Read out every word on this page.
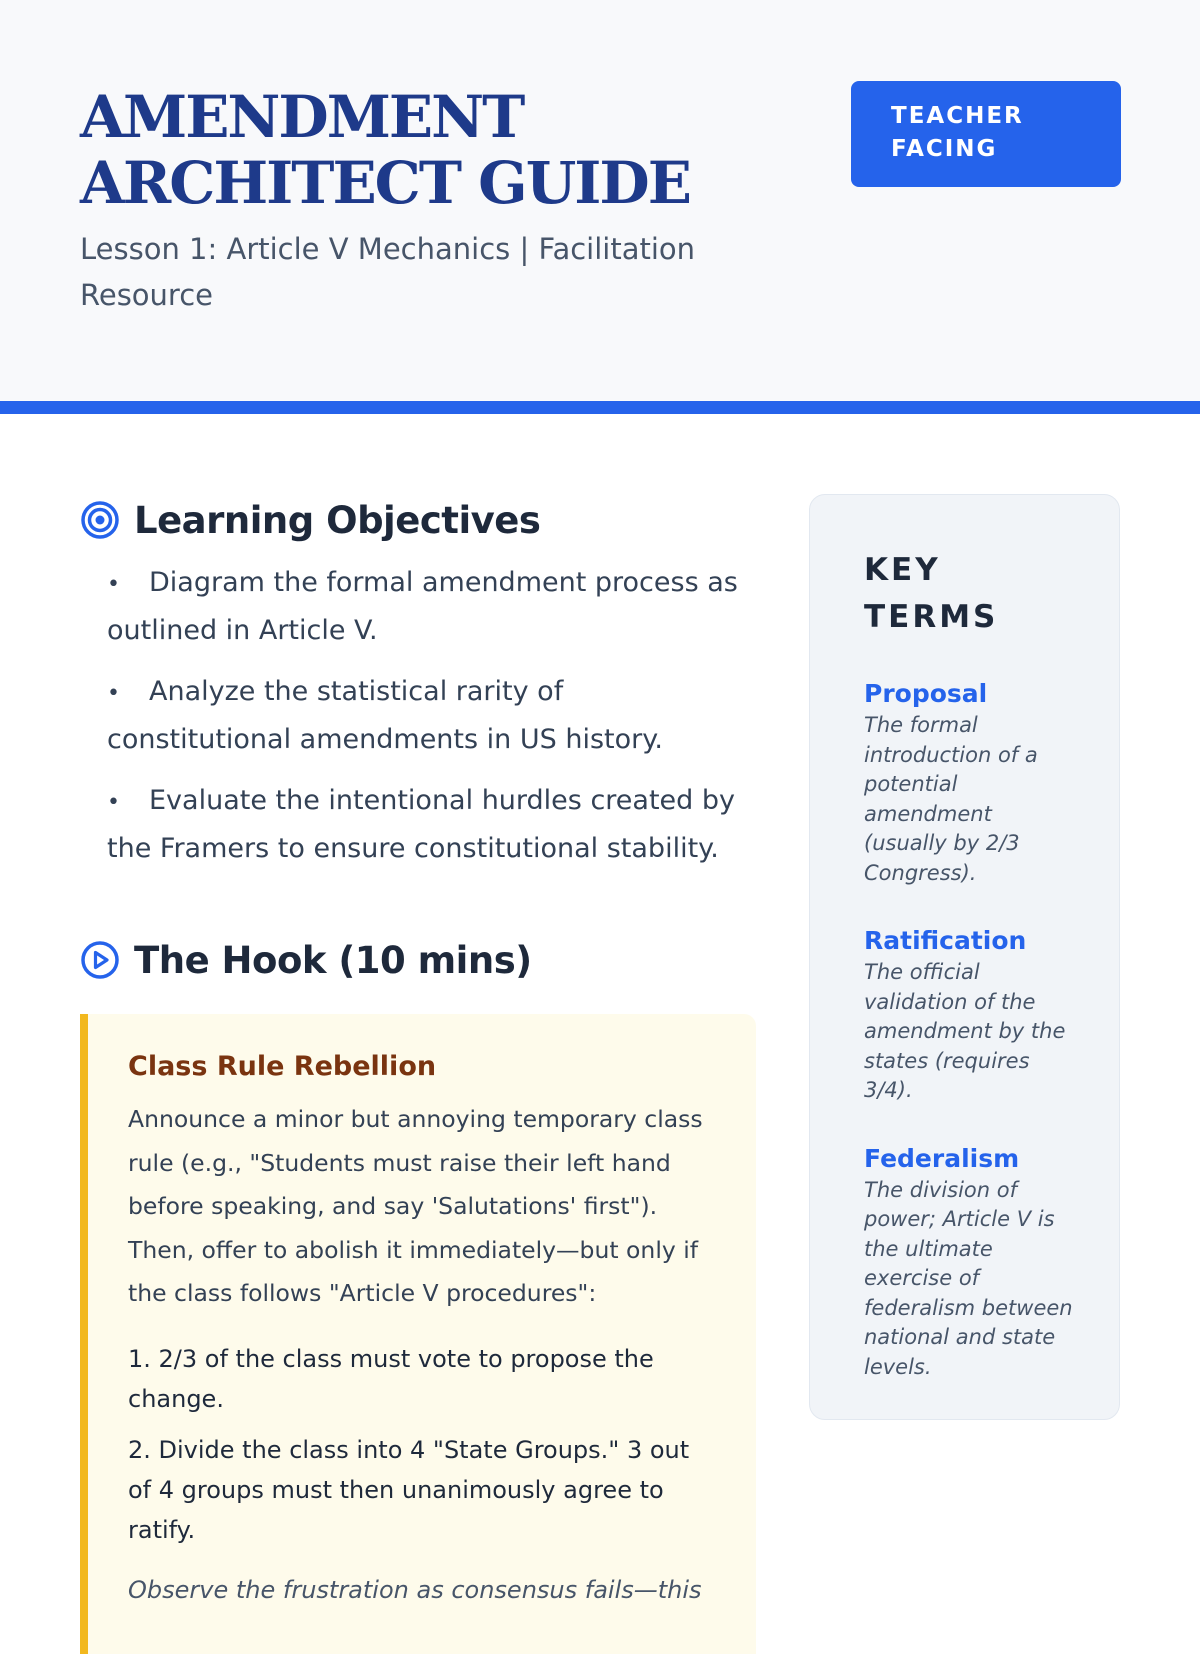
AMENDMENT ARCHITECT GUIDE
Lesson 1: Article V Mechanics | Facilitation Resource
TEACHER
FACING
Learning Objectives
• Diagram the formal amendment process as outlined in Article V.
• Analyze the statistical rarity of constitutional amendments in US history.
• Evaluate the intentional hurdles created by the Framers to ensure constitutional stability.
The Hook (10 mins)
Class Rule Rebellion
Announce a minor but annoying temporary class rule (e.g., "Students must raise their left hand before speaking, and say 'Salutations' first"). Then, offer to abolish it immediately—but only if the class follows "Article V procedures":

1. 2/3 of the class must vote to propose the change.

2. Divide the class into 4 "State Groups." 3 out of 4 groups must then unanimously agree to ratify.

Observe the frustration as consensus fails—this
KEY TERMS
Proposal
The formal introduction of a potential amendment (usually by 2/3 Congress).
Ratification
The official validation of the amendment by the states (requires 3/4).
Federalism
The division of power; Article V is the ultimate exercise of federalism between national and state levels.
